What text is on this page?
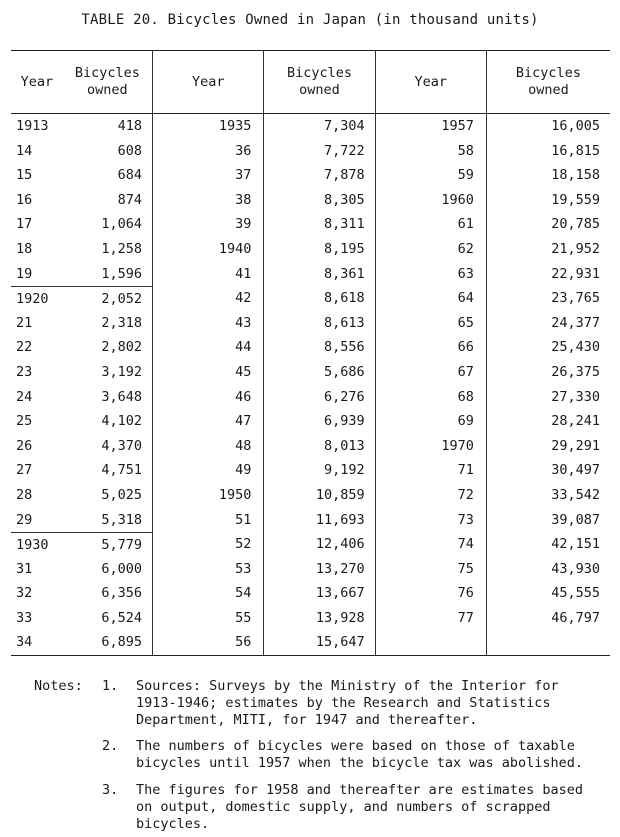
TABLE 20. Bicycles Owned in Japan (in thousand units)
Year
Bicycles
owned
Year
Bicycles
owned
Year
Bicycles
owned
1913
14
15
16
17
18
19
1920
21
22
23
24
25
26
27
28
29
1930
31
32
33
34
418
608
684
874
1,064
1,258
1,596
2,052
2,318
2,802
3,192
3,648
4,102
4,370
4,751
5,025
5,318
5,779
6,000
6,356
6,524
6,895
1935
36
37
38
39
1940
41
42
43
44
45
46
47
48
49
1950
51
52
53
54
55
56
7,304
7,722
7,878
8,305
8,311
8,195
8,361
8,618
8,613
8,556
5,686
6,276
6,939
8,013
9,192
10,859
11,693
12,406
13,270
13,667
13,928
15,647
1957
58
59
1960
61
62
63
64
65
66
67
68
69
1970
71
72
73
74
75
76
77
16,005
16,815
18,158
19,559
20,785
21,952
22,931
23,765
24,377
25,430
26,375
27,330
28,241
29,291
30,497
33,542
39,087
42,151
43,930
45,555
46,797
Notes: 1. Sources: Surveys by the Ministry of the Interior for
1913-1946; estimates by the Research and Statistics
Department, MITI, for 1947 and thereafter.
2. The numbers of bicycles were based on those of taxable
bicycles until 1957 when the bicycle tax was abolished.
3. The figures for 1958 and thereafter are estimates based
on output, domestic supply, and numbers of scrapped
bicycles.
